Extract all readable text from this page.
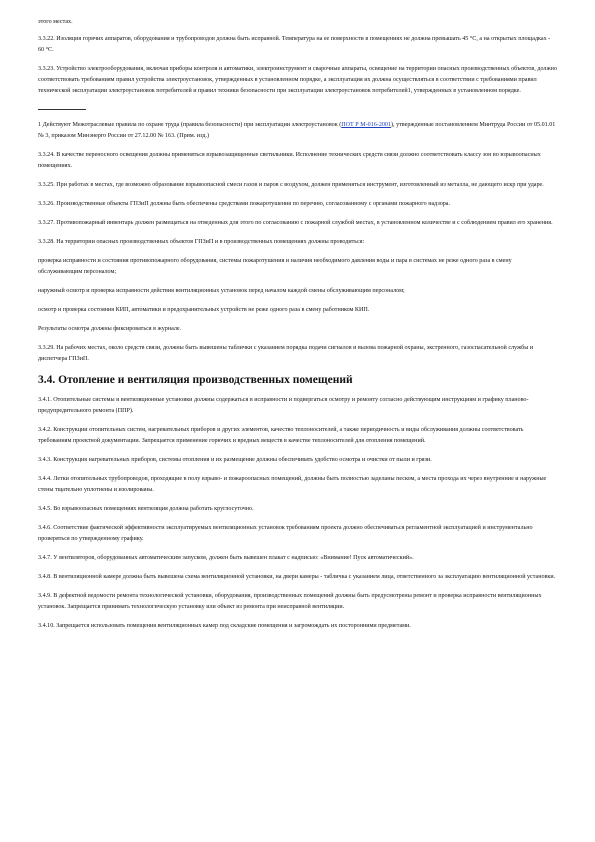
этого местах.

3.3.22. Изоляция горячих аппаратов, оборудования и трубопроводов должна быть исправной. Температура на ее поверхности в помещениях не должна превышать 45 °С, а на открытых площадках - 60 °С.

3.3.23. Устройство электрооборудования, включая приборы контроля и автоматики, электроинструмент и сварочные аппараты, освещение на территории опасных производственных объектов, должно соответствовать требованиям правил устройства электроустановок, утвержденных в установленном порядке, а эксплуатация их должна осуществляться в соответствии с требованиями правил технической эксплуатации электроустановок потребителей и правил техники безопасности при эксплуатации электроустановок потребителей1, утвержденных в установленном порядке.

1 Действуют Межотраслевые правила по охране труда (правила безопасности) при эксплуатации электроустановок (ПОТ Р М-016-2001), утвержденные постановлением Минтруда России от 05.01.01 № 3, приказом Минэнерго России от 27.12.00 № 163. (Прим. изд.)

3.3.24. В качестве переносного освещения должны применяться взрывозащищенные светильники. Исполнение технических средств связи должно соответствовать классу зон во взрывоопасных помещениях.

3.3.25. При работах в местах, где возможно образование взрывоопасной смеси газов и паров с воздухом, должен применяться инструмент, изготовленный из металла, не дающего искр при ударе.

3.3.26. Производственные объекты ГПЗиП должны быть обеспечены средствами пожаротушения по перечню, согласованному с органами пожарного надзора.

3.3.27. Противопожарный инвентарь должен размещаться на отведенных для этого по согласованию с пожарной службой местах, в установленном количестве и с соблюдением правил его хранения.

3.3.28. На территории опасных производственных объектов ГПЗиП и в производственных помещениях должны проводиться:

проверка исправности и состояния противопожарного оборудования, системы пожаротушения и наличия необходимого давления воды и пара в системах не реже одного раза в смену обслуживающим персоналом;

наружный осмотр и проверка исправности действия вентиляционных установок перед началом каждой смены обслуживающим персоналом;

осмотр и проверка состояния КИП, автоматики и предохранительных устройств не реже одного раза в смену работником КИП.

Результаты осмотра должны фиксироваться в журнале.

3.3.29. На рабочих местах, около средств связи, должны быть вывешены таблички с указанием порядка подачи сигналов и вызова пожарной охраны, экстренного, газоспасательной службы и диспетчера ГПЗиП.

3.4. Отопление и вентиляция производственных помещений

3.4.1. Отопительные системы и вентиляционные установки должны содержаться в исправности и подвергаться осмотру и ремонту согласно действующим инструкциям и графику планово-предупредительного ремонта (ППР).

3.4.2. Конструкции отопительных систем, нагревательных приборов и других элементов, качество теплоносителей, а также периодичность и виды обслуживания должны соответствовать требованиям проектной документации. Запрещается применение горючих и вредных веществ в качестве теплоносителей для отопления помещений.

3.4.3. Конструкция нагревательных приборов, системы отопления и их размещение должны обеспечивать удобство осмотра и очистки от пыли и грязи.

3.4.4. Летки отопительных трубопроводов, проходящие в полу взрыво- и пожароопасных помещений, должны быть полностью заделаны песком, а места прохода их через внутренние и наружные стены тщательно уплотнены и изолированы.

3.4.5. Во взрывоопасных помещениях вентиляция должна работать круглосуточно.

3.4.6. Соответствие фактической эффективности эксплуатируемых вентиляционных установок требованиям проекта должно обеспечиваться регламентной эксплуатацией и инструментально проверяться по утвержденному графику.

3.4.7. У вентиляторов, оборудованных автоматическим запуском, должен быть вывешен плакат с надписью: «Внимание! Пуск автоматический».

3.4.8. В вентиляционной камере должна быть вывешена схема вентиляционной установки, на двери камеры - табличка с указанием лица, ответственного за эксплуатацию вентиляционной установки.

3.4.9. В дефектной ведомости ремонта технологической установки, оборудования, производственных помещений должны быть предусмотрены ремонт и проверка исправности вентиляционных установок. Запрещается принимать технологическую установку или объект из ремонта при неисправной вентиляции.

3.4.10. Запрещается использовать помещения вентиляционных камер под складские помещения и загромождать их посторонними предметами.
